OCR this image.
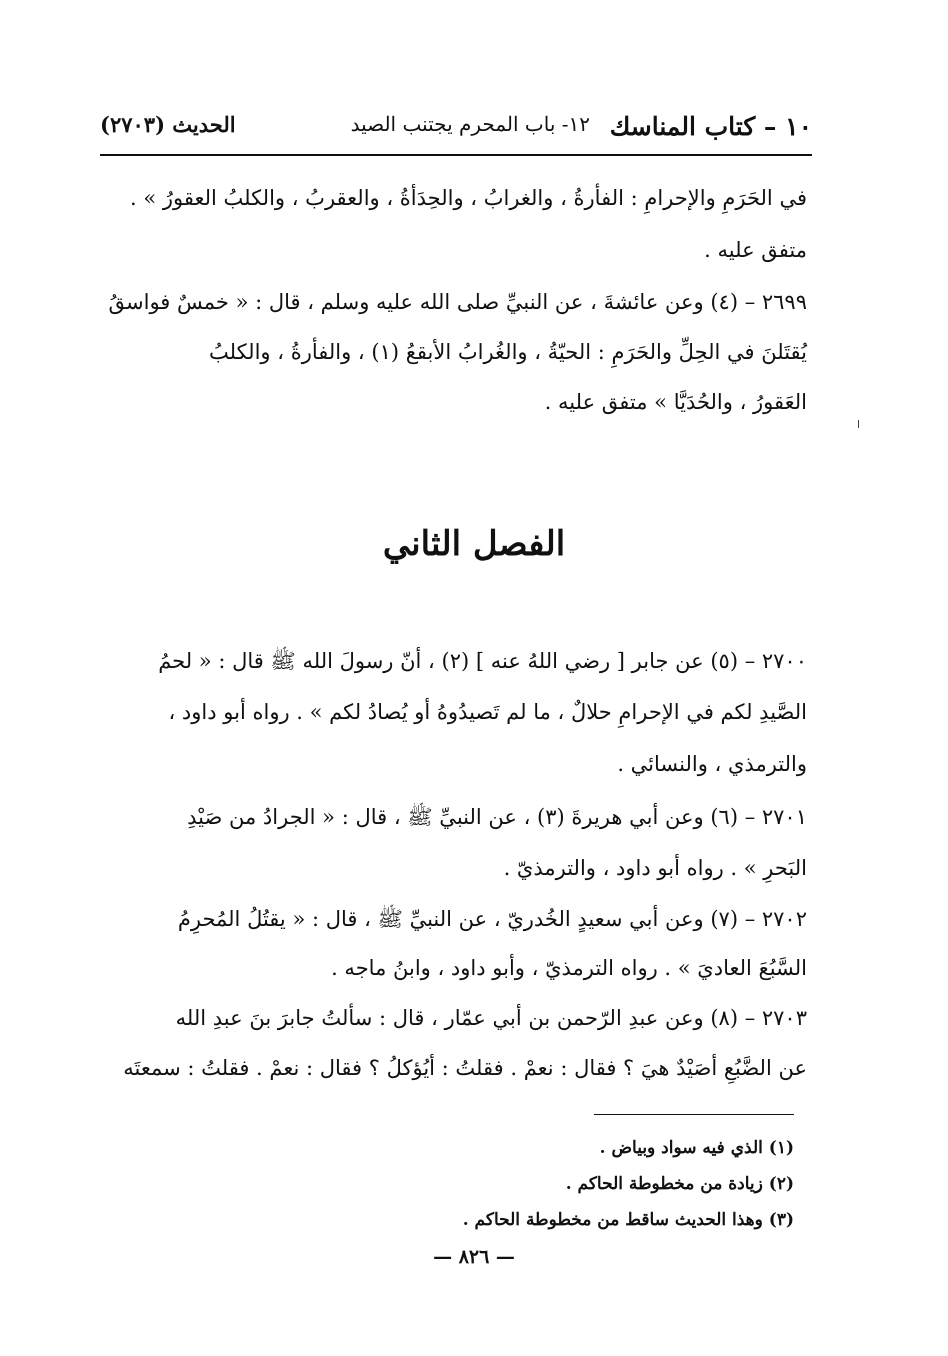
١٠ – كتاب المناسك
١٢- باب المحرم يجتنب الصيد
الحديث (٢٧٠٣)
في الحَرَمِ والإحرامِ : الفأرةُ ، والغرابُ ، والحِدَأةُ ، والعقربُ ، والكلبُ العقورُ » .
متفق عليه .
٢٦٩٩ – (٤) وعن عائشةَ ، عن النبيِّ صلى الله عليه وسلم ، قال : « خمسٌ فواسقُ
يُقتَلنَ في الحِلِّ والحَرَمِ : الحيّةُ ، والغُرابُ الأبقعُ (١) ، والفأرةُ ، والكلبُ
العَقورُ ، والحُدَيَّا » متفق عليه .
الفصل الثاني
٢٧٠٠ – (٥) عن جابر [ رضي اللهُ عنه ] (٢) ، أنّ رسولَ الله ﷺ قال : « لحمُ
الصَّيدِ لكم في الإحرامِ حلالٌ ، ما لم تَصيدُوهُ أو يُصادُ لكم » . رواه أبو داود ،
والترمذي ، والنسائي .
٢٧٠١ – (٦) وعن أبي هريرةَ (٣) ، عن النبيِّ ﷺ ، قال : « الجرادُ من صَيْدِ
البَحرِ » . رواه أبو داود ، والترمذيّ .
٢٧٠٢ – (٧) وعن أبي سعيدٍ الخُدريّ ، عن النبيِّ ﷺ ، قال : « يقتُلُ المُحرِمُ
السَّبُعَ العاديَ » . رواه الترمذيّ ، وأبو داود ، وابنُ ماجه .
٢٧٠٣ – (٨) وعن عبدِ الرّحمن بن أبي عمّار ، قال : سألتُ جابرَ بنَ عبدِ الله
عن الضَّبُعِ أصَيْدٌ هيَ ؟ فقال : نعمْ . فقلتُ : أيُؤكلُ ؟ فقال : نعمْ . فقلتُ : سمعتَه
(١) الذي فيه سواد وبياض .
(٢) زيادة من مخطوطة الحاكم .
(٣) وهذا الحديث ساقط من مخطوطة الحاكم .
— ٨٢٦ —
